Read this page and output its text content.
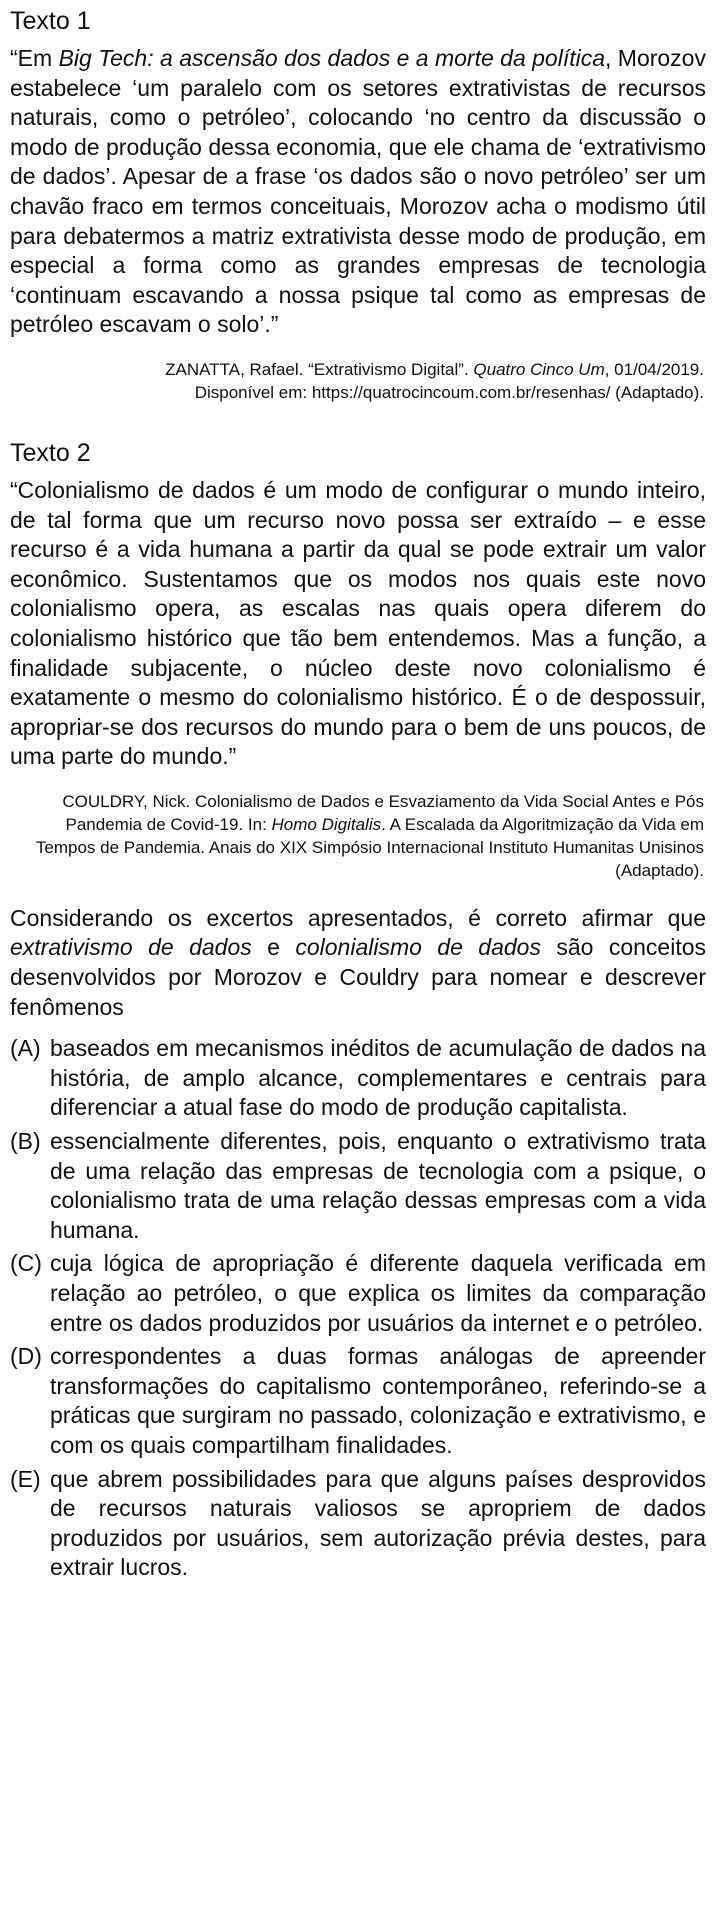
Texto 1

“Em Big Tech: a ascensão dos dados e a morte da política, Morozov estabelece ‘um paralelo com os setores extrativistas de recursos naturais, como o petróleo’, colocando ‘no centro da discussão o modo de produção dessa economia, que ele chama de ‘extrativismo de dados’. Apesar de a frase ‘os dados são o novo petróleo’ ser um chavão fraco em termos conceituais, Morozov acha o modismo útil para debatermos a matriz extrativista desse modo de produção, em especial a forma como as grandes empresas de tecnologia ‘continuam escavando a nossa psique tal como as empresas de petróleo escavam o solo’.”

ZANATTA, Rafael. “Extrativismo Digital”. Quatro Cinco Um, 01/04/2019.
Disponível em: https://quatrocincoum.com.br/resenhas/ (Adaptado).
Texto 2

“Colonialismo de dados é um modo de configurar o mundo inteiro, de tal forma que um recurso novo possa ser extraído – e esse recurso é a vida humana a partir da qual se pode extrair um valor econômico. Sustentamos que os modos nos quais este novo colonialismo opera, as escalas nas quais opera diferem do colonialismo histórico que tão bem entendemos. Mas a função, a finalidade subjacente, o núcleo deste novo colonialismo é exatamente o mesmo do colonialismo histórico. É o de despossuir, apropriar-se dos recursos do mundo para o bem de uns poucos, de uma parte do mundo.”

COULDRY, Nick. Colonialismo de Dados e Esvaziamento da Vida Social Antes e Pós Pandemia de Covid-19. In: Homo Digitalis. A Escalada da Algoritmização da Vida em Tempos de Pandemia. Anais do XIX Simpósio Internacional Instituto Humanitas Unisinos (Adaptado).

Considerando os excertos apresentados, é correto afirmar que extrativismo de dados e colonialismo de dados são conceitos desenvolvidos por Morozov e Couldry para nomear e descrever fenômenos

(A) baseados em mecanismos inéditos de acumulação de dados na história, de amplo alcance, complementares e centrais para diferenciar a atual fase do modo de produção capitalista.
(B) essencialmente diferentes, pois, enquanto o extrativismo trata de uma relação das empresas de tecnologia com a psique, o colonialismo trata de uma relação dessas empresas com a vida humana.
(C) cuja lógica de apropriação é diferente daquela verificada em relação ao petróleo, o que explica os limites da comparação entre os dados produzidos por usuários da internet e o petróleo.
(D) correspondentes a duas formas análogas de apreender transformações do capitalismo contemporâneo, referindo-se a práticas que surgiram no passado, colonização e extrativismo, e com os quais compartilham finalidades.
(E) que abrem possibilidades para que alguns países desprovidos de recursos naturais valiosos se apropriem de dados produzidos por usuários, sem autorização prévia destes, para extrair lucros.
